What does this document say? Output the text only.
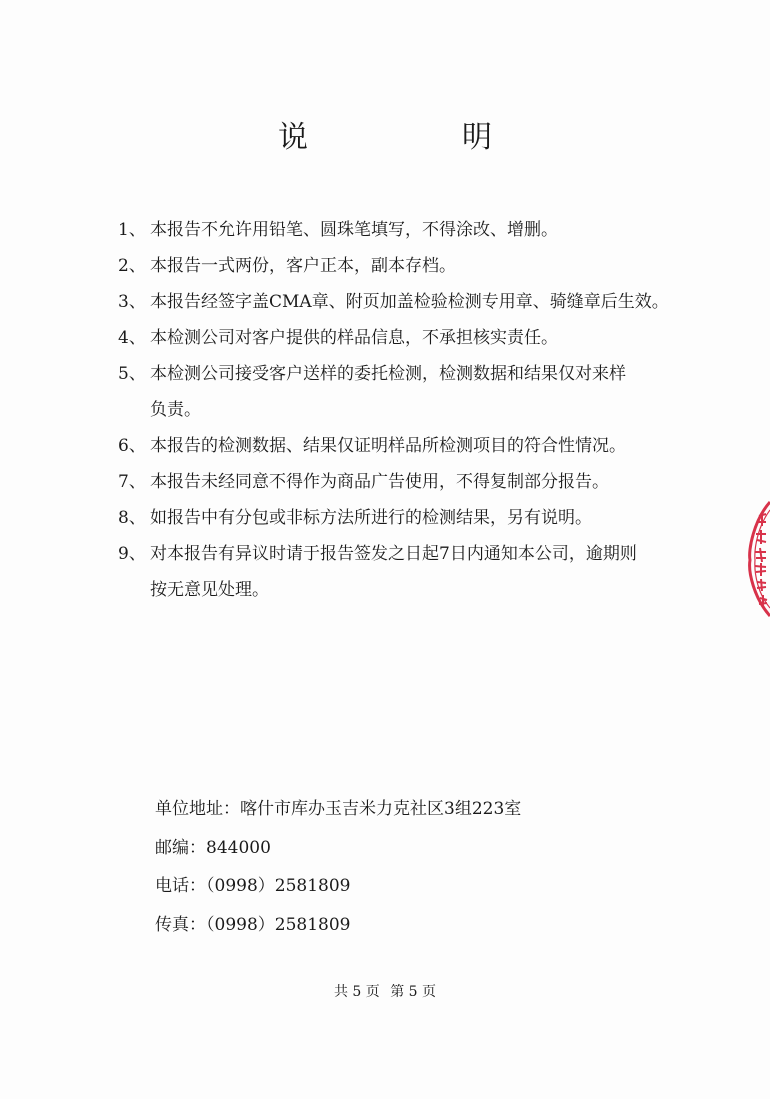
说　明
1、 本报告不允许用铅笔、圆珠笔填写，不得涂改、增删。
2、 本报告一式两份，客户正本，副本存档。
3、 本报告经签字盖CMA章、附页加盖检验检测专用章、骑缝章后生效。
4、 本检测公司对客户提供的样品信息，不承担核实责任。
5、 本检测公司接受客户送样的委托检测，检测数据和结果仅对来样
负责。
6、 本报告的检测数据、结果仅证明样品所检测项目的符合性情况。
7、 本报告未经同意不得作为商品广告使用，不得复制部分报告。
8、 如报告中有分包或非标方法所进行的检测结果，另有说明。
9、 对本报告有异议时请于报告签发之日起7日内通知本公司，逾期则
按无意见处理。
单位地址：喀什市库办玉吉米力克社区3组223室
邮编：844000
电话：（0998）2581809
传真：（0998）2581809
共 5 页 第 5 页
